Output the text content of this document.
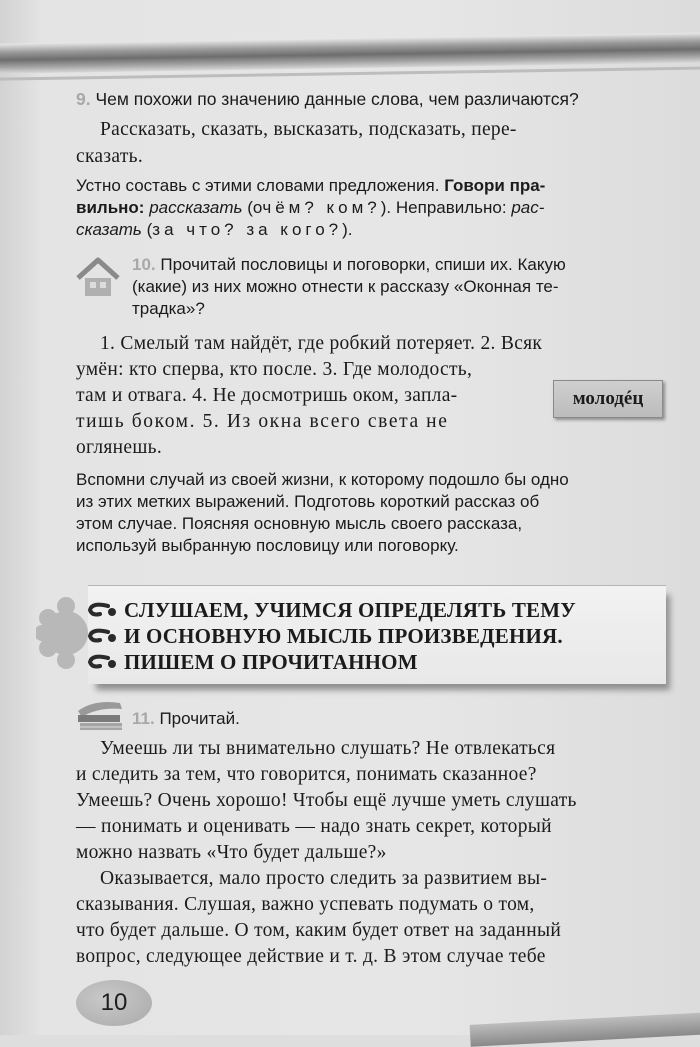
9. Чем похожи по значению данные слова, чем различаются?
Рассказать, сказать, высказать, подсказать, пере-
сказать.
Устно составь с этими словами предложения. Говори пра-
вильно: рассказать (очём? ком?). Неправильно: рас-
сказать (за что? за кого?).
10. Прочитай пословицы и поговорки, спиши их. Какую
(какие) из них можно отнести к рассказу «Оконная те-
традка»?
1. Смелый там найдёт, где робкий потеряет. 2. Всяк
умён: кто сперва, кто после. 3. Где молодость,
там и отвага. 4. Не досмотришь оком, запла-
тишь боком. 5. Из окна всего света не
оглянешь.
молодéц
Вспомни случай из своей жизни, к которому подошло бы одно
из этих метких выражений. Подготовь короткий рассказ об
этом случае. Поясняя основную мысль своего рассказа,
используй выбранную пословицу или поговорку.
СЛУШАЕМ, УЧИМСЯ ОПРЕДЕЛЯТЬ ТЕМУ
И ОСНОВНУЮ МЫСЛЬ ПРОИЗВЕДЕНИЯ.
ПИШЕМ О ПРОЧИТАННОМ
11. Прочитай.
Умеешь ли ты внимательно слушать? Не отвлекаться
и следить за тем, что говорится, понимать сказанное?
Умеешь? Очень хорошо! Чтобы ещё лучше уметь слушать
— понимать и оценивать — надо знать секрет, который
можно назвать «Что будет дальше?»
Оказывается, мало просто следить за развитием вы-
сказывания. Слушая, важно успевать подумать о том,
что будет дальше. О том, каким будет ответ на заданный
вопрос, следующее действие и т. д. В этом случае тебе
10
